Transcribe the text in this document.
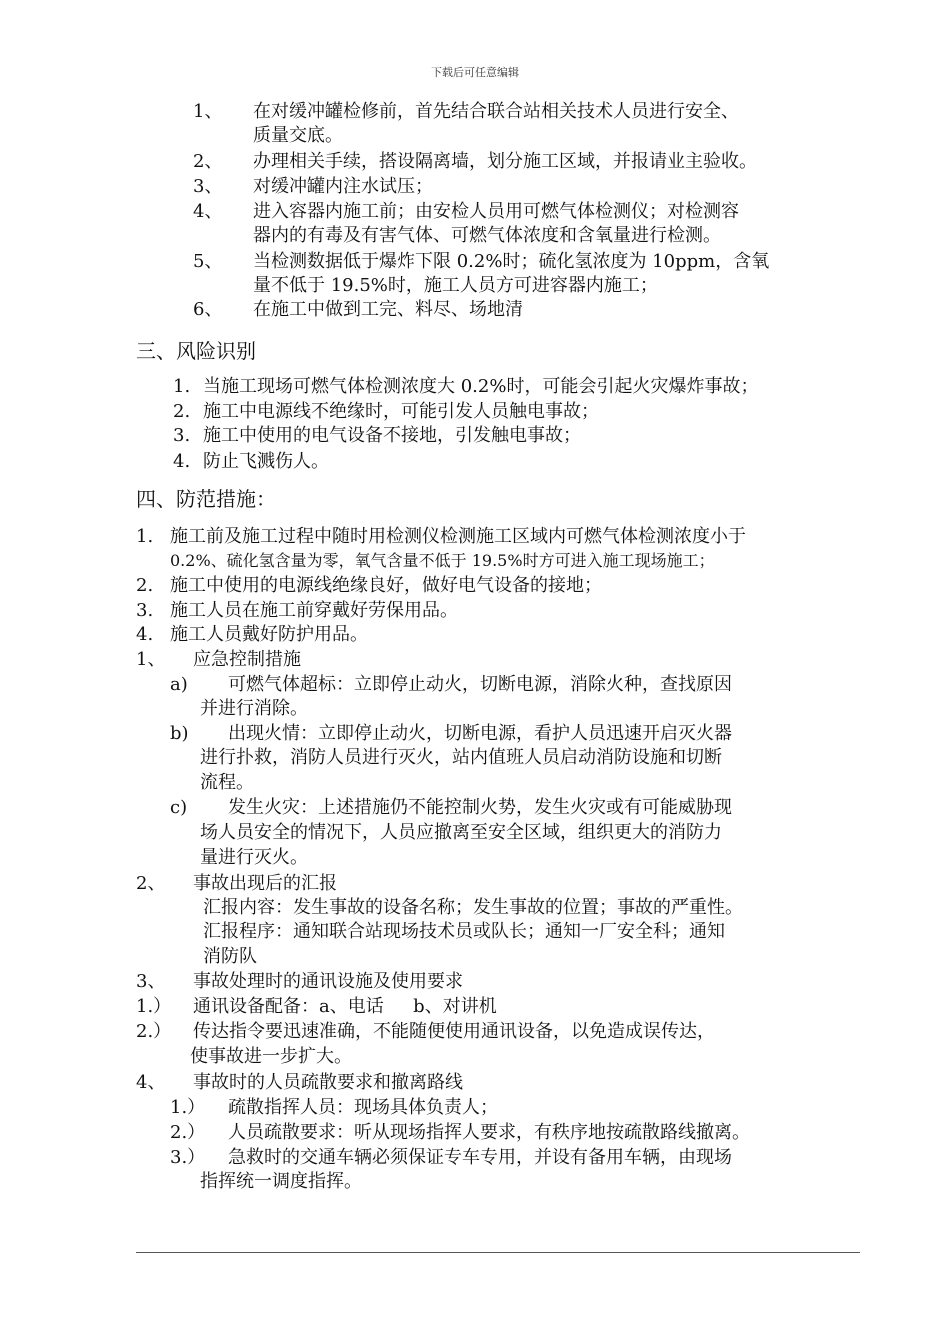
下载后可任意编辑
1、 在对缓冲罐检修前，首先结合联合站相关技术人员进行安全、
质量交底。
2、 办理相关手续，搭设隔离墙，划分施工区域，并报请业主验收。
3、 对缓冲罐内注水试压；
4、 进入容器内施工前；由安检人员用可燃气体检测仪；对检测容
器内的有毒及有害气体、可燃气体浓度和含氧量进行检测。
5、 当检测数据低于爆炸下限 0.2%时；硫化氢浓度为 10ppm，含氧
量不低于 19.5%时，施工人员方可进容器内施工；
6、 在施工中做到工完、料尽、场地清
三、风险识别
1. 当施工现场可燃气体检测浓度大 0.2%时，可能会引起火灾爆炸事故；
2. 施工中电源线不绝缘时，可能引发人员触电事故；
3. 施工中使用的电气设备不接地，引发触电事故；
4. 防止飞溅伤人。
四、防范措施：
1. 施工前及施工过程中随时用检测仪检测施工区域内可燃气体检测浓度小于
0.2%、硫化氢含量为零，氧气含量不低于 19.5%时方可进入施工现场施工；
2. 施工中使用的电源线绝缘良好，做好电气设备的接地；
3. 施工人员在施工前穿戴好劳保用品。
4. 施工人员戴好防护用品。
1、 应急控制措施
a) 可燃气体超标：立即停止动火，切断电源，消除火种，查找原因
并进行消除。
b) 出现火情：立即停止动火，切断电源，看护人员迅速开启灭火器
进行扑救，消防人员进行灭火，站内值班人员启动消防设施和切断
流程。
c) 发生火灾：上述措施仍不能控制火势，发生火灾或有可能威胁现
场人员安全的情况下，人员应撤离至安全区域，组织更大的消防力
量进行灭火。
2、 事故出现后的汇报
汇报内容：发生事故的设备名称；发生事故的位置；事故的严重性。
汇报程序：通知联合站现场技术员或队长；通知一厂安全科；通知
消防队
3、 事故处理时的通讯设施及使用要求
1.） 通讯设备配备：a、电话 　 b、对讲机
2.） 传达指令要迅速准确，不能随便使用通讯设备，以免造成误传达，
使事故进一步扩大。
4、 事故时的人员疏散要求和撤离路线
1.） 疏散指挥人员：现场具体负责人；
2.） 人员疏散要求：听从现场指挥人要求，有秩序地按疏散路线撤离。
3.） 急救时的交通车辆必须保证专车专用，并设有备用车辆，由现场
指挥统一调度指挥。
